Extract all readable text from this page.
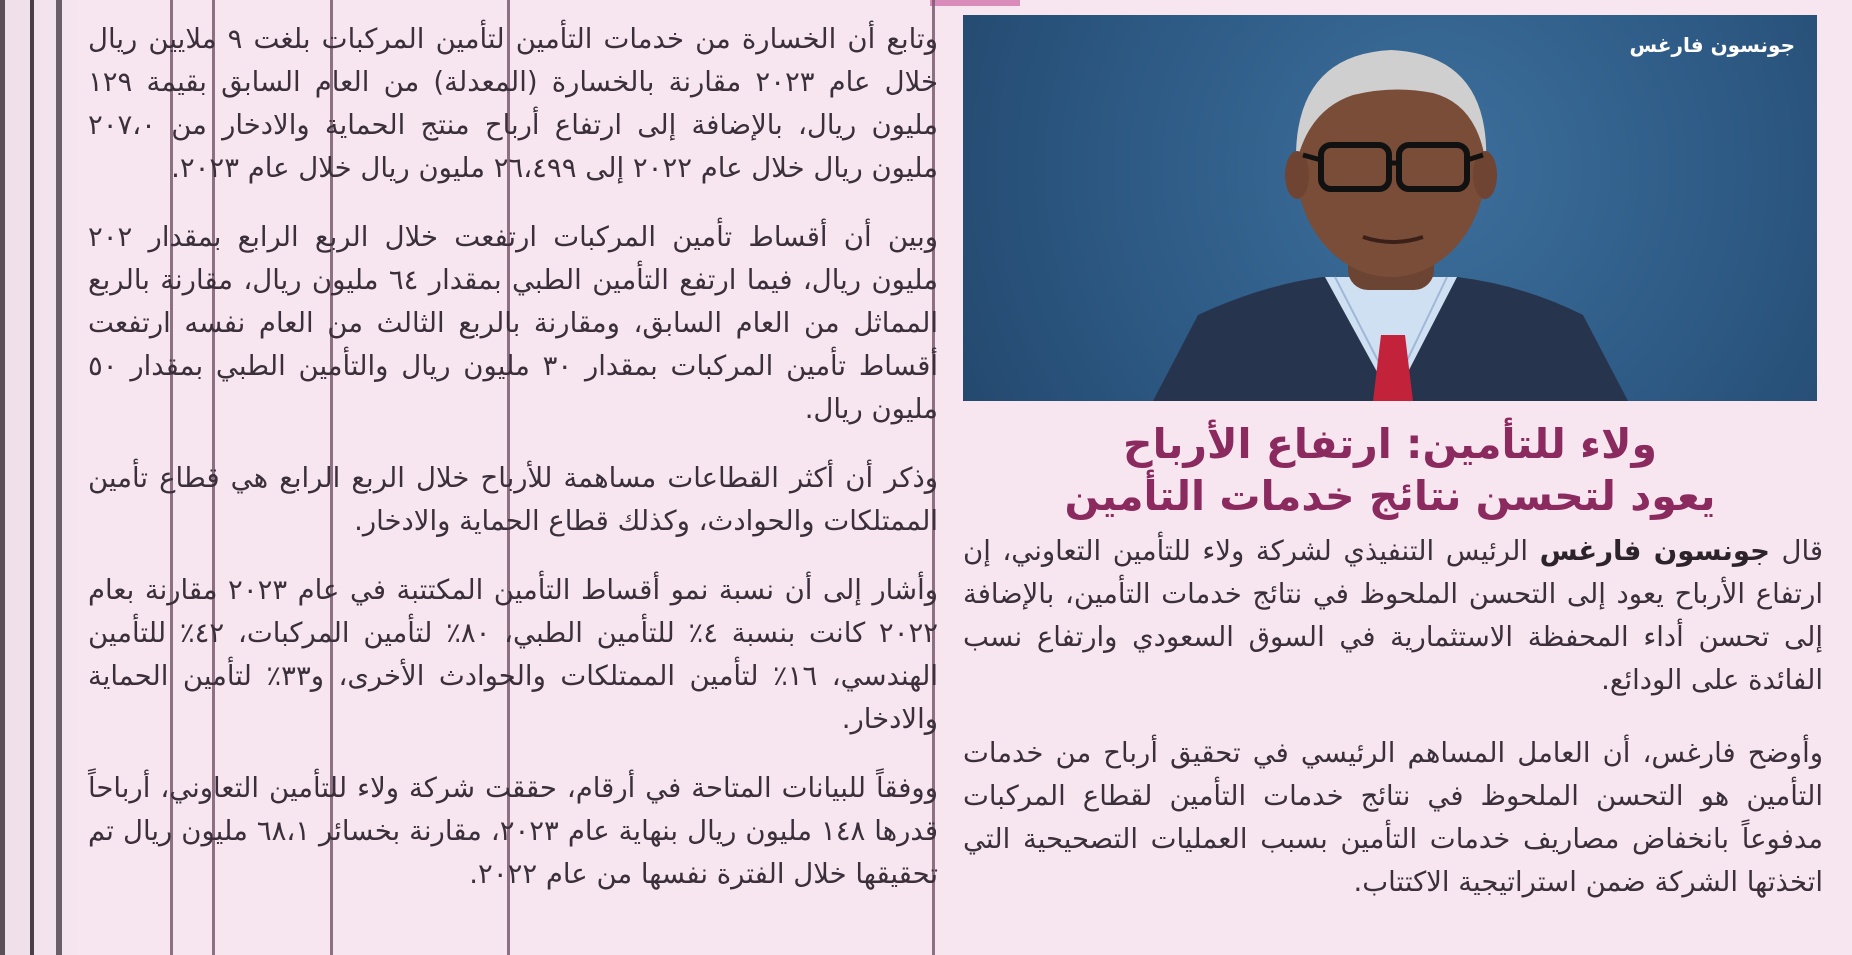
وتابع أن الخسارة من خدمات التأمين لتأمين المركبات بلغت ٩ ملايين ريال خلال عام ٢٠٢٣ مقارنة بالخسارة (المعدلة) من العام السابق بقيمة ١٢٩ مليون ريال، بالإضافة إلى ارتفاع أرباح منتج الحماية والادخار من ٢٠٧،٠ مليون ريال خلال عام ٢٠٢٢ إلى ٢٦،٤٩٩ مليون ريال خلال عام ٢٠٢٣.

وبين أن أقساط تأمين المركبات ارتفعت خلال الربع الرابع بمقدار ٢٠٢ مليون ريال، فيما ارتفع التأمين الطبي بمقدار ٦٤ مليون ريال، مقارنة بالربع المماثل من العام السابق، ومقارنة بالربع الثالث من العام نفسه ارتفعت أقساط تأمين المركبات بمقدار ٣٠ مليون ريال والتأمين الطبي بمقدار ٥٠ مليون ريال.

وذكر أن أكثر القطاعات مساهمة للأرباح خلال الربع الرابع هي قطاع تأمين الممتلكات والحوادث، وكذلك قطاع الحماية والادخار.

وأشار إلى أن نسبة نمو أقساط التأمين المكتتبة في عام ٢٠٢٣ مقارنة بعام ٢٠٢٢ كانت بنسبة ٤٪ للتأمين الطبي، ٨٠٪ لتأمين المركبات، ٤٢٪ للتأمين الهندسي، ١٦٪ لتأمين الممتلكات والحوادث الأخرى، و٣٣٪ لتأمين الحماية والادخار.

ووفقاً للبيانات المتاحة في أرقام، حققت شركة ولاء للتأمين التعاوني، أرباحاً قدرها ١٤٨ مليون ريال بنهاية عام ٢٠٢٣، مقارنة بخسائر ٦٨،١ مليون ريال تم تحقيقها خلال الفترة نفسها من عام ٢٠٢٢.

جونسون فارغس
ولاء للتأمين: ارتفاع الأرباح
يعود لتحسن نتائج خدمات التأمين

قال جونسون فارغس الرئيس التنفيذي لشركة ولاء للتأمين التعاوني، إن ارتفاع الأرباح يعود إلى التحسن الملحوظ في نتائج خدمات التأمين، بالإضافة إلى تحسن أداء المحفظة الاستثمارية في السوق السعودي وارتفاع نسب الفائدة على الودائع.

وأوضح فارغس، أن العامل المساهم الرئيسي في تحقيق أرباح من خدمات التأمين هو التحسن الملحوظ في نتائج خدمات التأمين لقطاع المركبات مدفوعاً بانخفاض مصاريف خدمات التأمين بسبب العمليات التصحيحية التي اتخذتها الشركة ضمن استراتيجية الاكتتاب.
